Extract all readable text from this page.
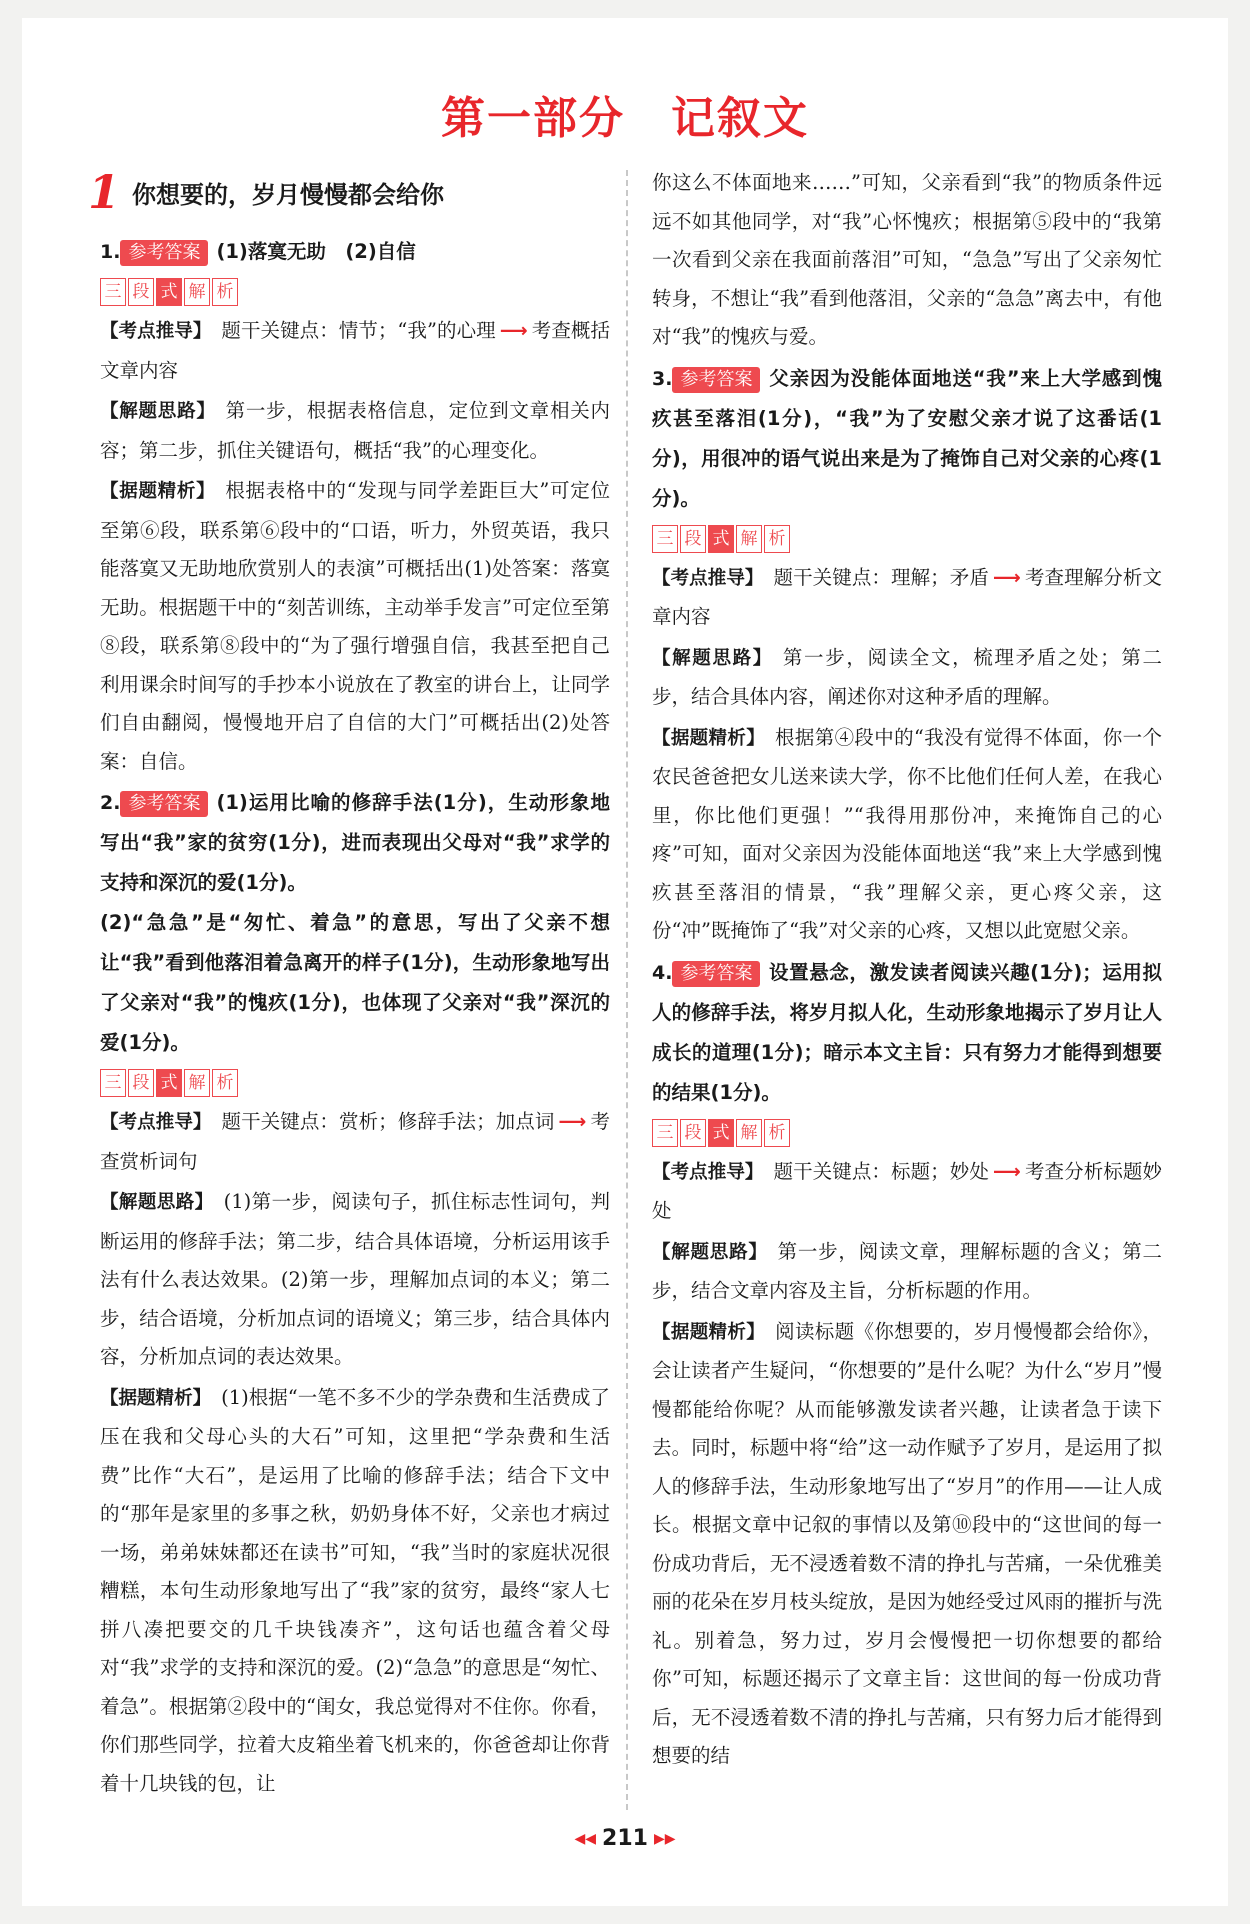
第一部分 记叙文
1 你想要的，岁月慢慢都会给你
1. 参考答案 (1)落寞无助　(2)自信
三 段 式 解 析

【考点推导】 题干关键点：情节；“我”的心理 ⟶ 考查概括文章内容

【解题思路】 第一步，根据表格信息，定位到文章相关内容；第二步，抓住关键语句，概括“我”的心理变化。

【据题精析】 根据表格中的“发现与同学差距巨大”可定位至第⑥段，联系第⑥段中的“口语，听力，外贸英语，我只能落寞又无助地欣赏别人的表演”可概括出(1)处答案：落寞无助。根据题干中的“刻苦训练，主动举手发言”可定位至第⑧段，联系第⑧段中的“为了强行增强自信，我甚至把自己利用课余时间写的手抄本小说放在了教室的讲台上，让同学们自由翻阅，慢慢地开启了自信的大门”可概括出(2)处答案：自信。

2. 参考答案 (1)运用比喻的修辞手法(1分)，生动形象地写出“我”家的贫穷(1分)，进而表现出父母对“我”求学的支持和深沉的爱(1分)。
(2)“急急”是“匆忙、着急”的意思，写出了父亲不想让“我”看到他落泪着急离开的样子(1分)，生动形象地写出了父亲对“我”的愧疚(1分)，也体现了父亲对“我”深沉的爱(1分)。
三 段 式 解 析

【考点推导】 题干关键点：赏析；修辞手法；加点词 ⟶ 考查赏析词句

【解题思路】 (1)第一步，阅读句子，抓住标志性词句，判断运用的修辞手法；第二步，结合具体语境，分析运用该手法有什么表达效果。(2)第一步，理解加点词的本义；第二步，结合语境，分析加点词的语境义；第三步，结合具体内容，分析加点词的表达效果。

【据题精析】 (1)根据“一笔不多不少的学杂费和生活费成了压在我和父母心头的大石”可知，这里把“学杂费和生活费”比作“大石”，是运用了比喻的修辞手法；结合下文中的“那年是家里的多事之秋，奶奶身体不好，父亲也才病过一场，弟弟妹妹都还在读书”可知，“我”当时的家庭状况很糟糕，本句生动形象地写出了“我”家的贫穷，最终“家人七拼八凑把要交的几千块钱凑齐”，这句话也蕴含着父母对“我”求学的支持和深沉的爱。(2)“急急”的意思是“匆忙、着急”。根据第②段中的“闺女，我总觉得对不住你。你看，你们那些同学，拉着大皮箱坐着飞机来的，你爸爸却让你背着十几块钱的包，让

你这么不体面地来……”可知，父亲看到“我”的物质条件远远不如其他同学，对“我”心怀愧疚；根据第⑤段中的“我第一次看到父亲在我面前落泪”可知，“急急”写出了父亲匆忙转身，不想让“我”看到他落泪，父亲的“急急”离去中，有他对“我”的愧疚与爱。

3. 参考答案 父亲因为没能体面地送“我”来上大学感到愧疚甚至落泪(1分)，“我”为了安慰父亲才说了这番话(1分)，用很冲的语气说出来是为了掩饰自己对父亲的心疼(1分)。
三 段 式 解 析

【考点推导】 题干关键点：理解；矛盾 ⟶ 考查理解分析文章内容

【解题思路】 第一步，阅读全文，梳理矛盾之处；第二步，结合具体内容，阐述你对这种矛盾的理解。

【据题精析】 根据第④段中的“我没有觉得不体面，你一个农民爸爸把女儿送来读大学，你不比他们任何人差，在我心里，你比他们更强！”“我得用那份冲，来掩饰自己的心疼”可知，面对父亲因为没能体面地送“我”来上大学感到愧疚甚至落泪的情景，“我”理解父亲，更心疼父亲，这份“冲”既掩饰了“我”对父亲的心疼，又想以此宽慰父亲。

4. 参考答案 设置悬念，激发读者阅读兴趣(1分)；运用拟人的修辞手法，将岁月拟人化，生动形象地揭示了岁月让人成长的道理(1分)；暗示本文主旨：只有努力才能得到想要的结果(1分)。
三 段 式 解 析

【考点推导】 题干关键点：标题；妙处 ⟶ 考查分析标题妙处

【解题思路】 第一步，阅读文章，理解标题的含义；第二步，结合文章内容及主旨，分析标题的作用。

【据题精析】 阅读标题《你想要的，岁月慢慢都会给你》，会让读者产生疑问，“你想要的”是什么呢？为什么“岁月”慢慢都能给你呢？从而能够激发读者兴趣，让读者急于读下去。同时，标题中将“给”这一动作赋予了岁月，是运用了拟人的修辞手法，生动形象地写出了“岁月”的作用——让人成长。根据文章中记叙的事情以及第⑩段中的“这世间的每一份成功背后，无不浸透着数不清的挣扎与苦痛，一朵优雅美丽的花朵在岁月枝头绽放，是因为她经受过风雨的摧折与洗礼。别着急，努力过，岁月会慢慢把一切你想要的都给你”可知，标题还揭示了文章主旨：这世间的每一份成功背后，无不浸透着数不清的挣扎与苦痛，只有努力后才能得到想要的结

◀◀ 211 ▶▶
